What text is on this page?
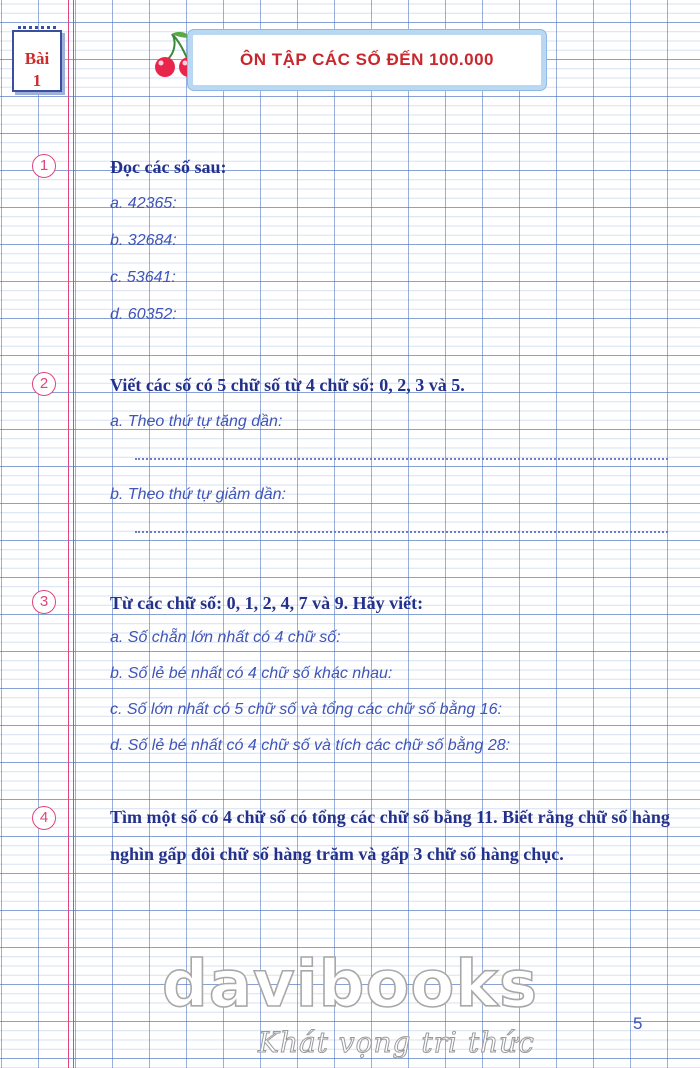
Bài
1
ÔN TẬP CÁC SỐ ĐẾN 100.000
1	Đọc các số sau:
a. 42365:
b. 32684:
c. 53641:
d. 60352:
2	Viết các số có 5 chữ số từ 4 chữ số: 0, 2, 3 và 5.
a. Theo thứ tự tăng dần:
b. Theo thứ tự giảm dần:
3	Từ các chữ số: 0, 1, 2, 4, 7 và 9. Hãy viết:
a. Số chẵn lớn nhất có 4 chữ số:
b. Số lẻ bé nhất có 4 chữ số khác nhau:
c. Số lớn nhất có 5 chữ số và tổng các chữ số bằng 16:
d. Số lẻ bé nhất có 4 chữ số và tích các chữ số bằng 28:
4	Tìm một số có 4 chữ số có tổng các chữ số bằng 11. Biết rằng chữ số hàng nghìn gấp đôi chữ số hàng trăm và gấp 3 chữ số hàng chục.
davibooks
Khát vọng tri thức
5
